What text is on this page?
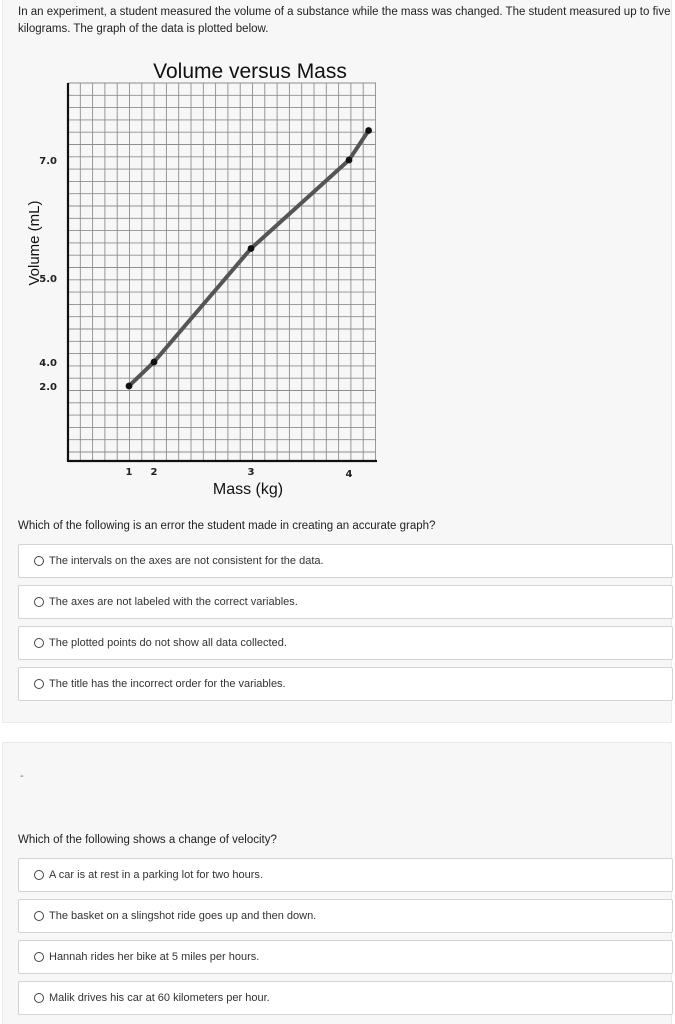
In an experiment, a student measured the volume of a substance while the mass was changed. The student measured up to five kilograms. The graph of the data is plotted below.
Volume versus Mass
7.0
5.0
4.0
2.0
1 2	3	4
Mass (kg)
Volume (mL)
Which of the following is an error the student made in creating an accurate graph?
The intervals on the axes are not consistent for the data.
The axes are not labeled with the correct variables.
The plotted points do not show all data collected.
The title has the incorrect order for the variables.
-
Which of the following shows a change of velocity?
A car is at rest in a parking lot for two hours.
The basket on a slingshot ride goes up and then down.
Hannah rides her bike at 5 miles per hours.
Malik drives his car at 60 kilometers per hour.
